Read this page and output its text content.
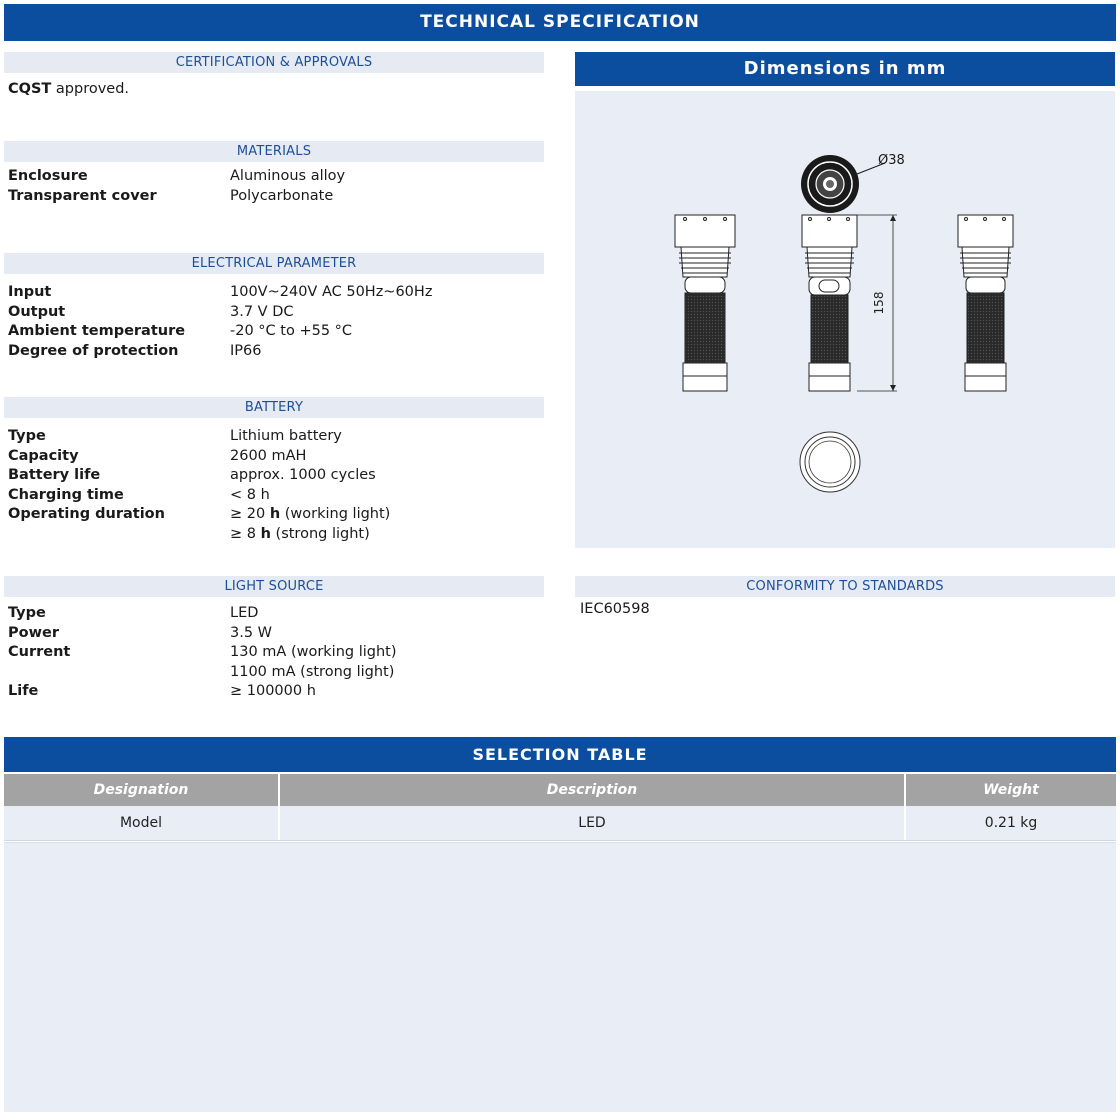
TECHNICAL SPECIFICATION
CERTIFICATION & APPROVALS
CQST approved.
MATERIALS
Enclosure	Aluminous alloy
Transparent cover	Polycarbonate
ELECTRICAL PARAMETER
Input	100V~240V AC 50Hz~60Hz
Output	3.7 V DC
Ambient temperature	-20 °C to +55 °C
Degree of protection	IP66
BATTERY
Type	Lithium battery
Capacity	2600 mAH
Battery life	approx. 1000 cycles
Charging time	< 8 h
Operating duration	≥ 20 h (working light)
≥ 8 h (strong light)
LIGHT SOURCE
Type	LED
Power	3.5 W
Current	130 mA (working light)
1100 mA (strong light)
Life	≥ 100000 h
Dimensions in mm
Ø38
158
CONFORMITY TO STANDARDS
IEC60598
SELECTION TABLE
Designation	Description	Weight
Model	LED	0.21 kg
